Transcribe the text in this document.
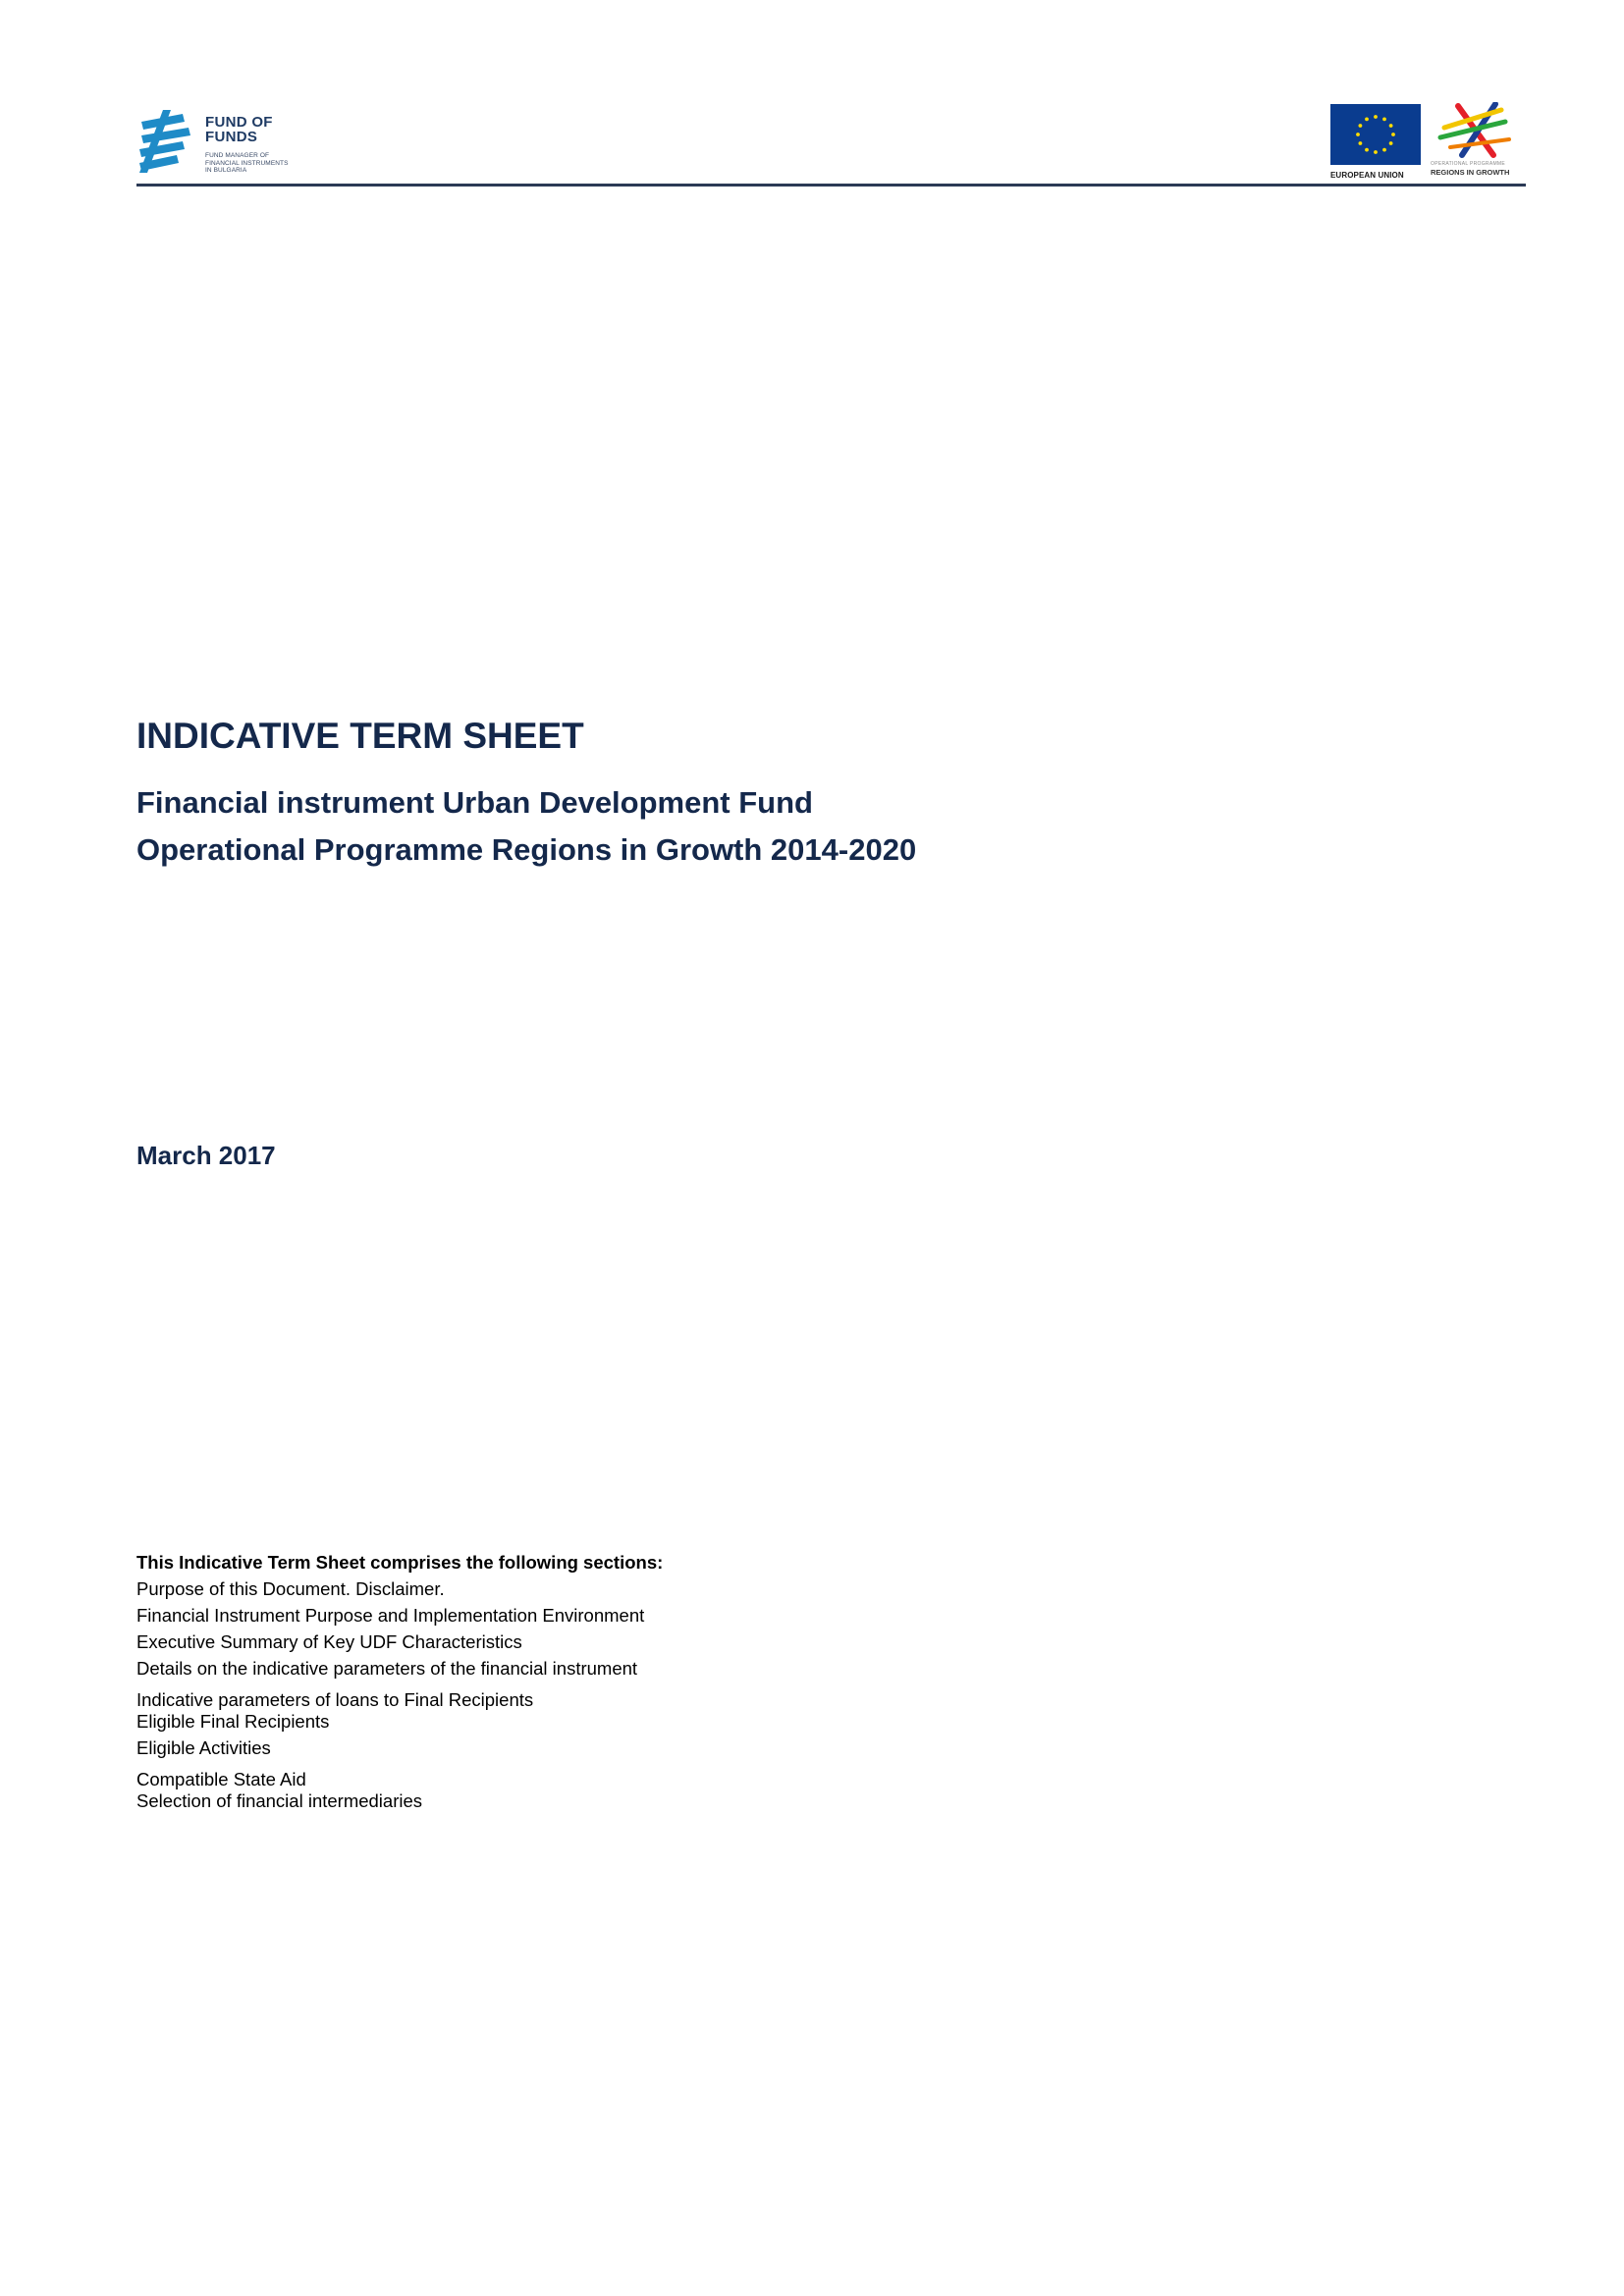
FUND OF
FUNDS
FUND MANAGER OF
FINANCIAL INSTRUMENTS
IN BULGARIA
EUROPEAN UNION
OPERATIONAL PROGRAMME
REGIONS IN GROWTH
INDICATIVE TERM SHEET
Financial instrument Urban Development Fund
Operational Programme Regions in Growth 2014-2020

March 2017

This Indicative Term Sheet comprises the following sections:
Purpose of this Document. Disclaimer.
Financial Instrument Purpose and Implementation Environment
Executive Summary of Key UDF Characteristics
Details on the indicative parameters of the financial instrument
Indicative parameters of loans to Final Recipients
Eligible Final Recipients
Eligible Activities
Compatible State Aid
Selection of financial intermediaries
